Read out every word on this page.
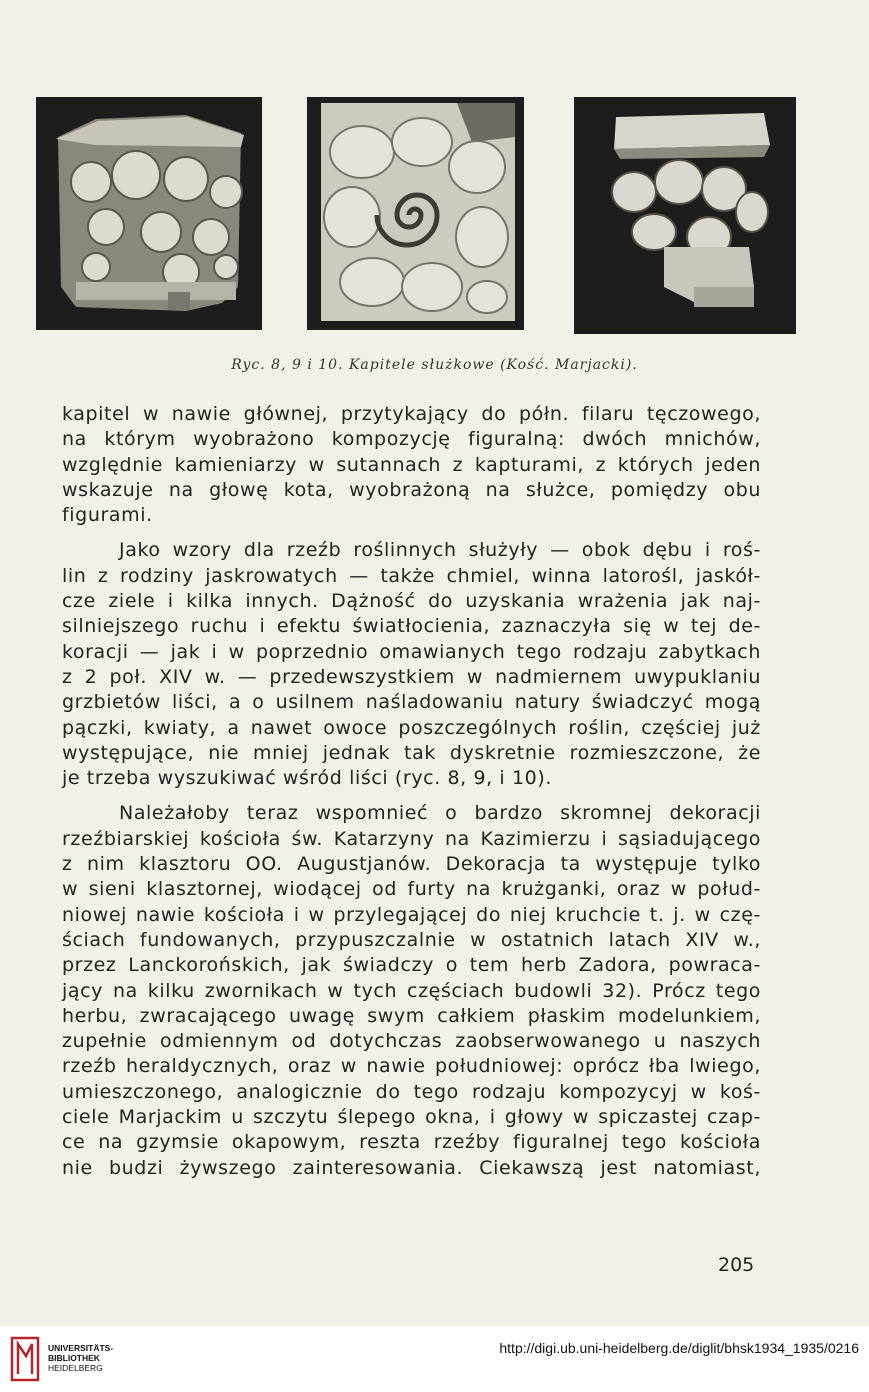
Ryc. 8, 9 i 10. Kapitele służkowe (Kość. Marjacki).
kapitel w nawie głównej, przytykający do półn. filaru tęczowego,
na którym wyobrażono kompozycję figuralną: dwóch mnichów,
względnie kamieniarzy w sutannach z kapturami, z których jeden
wskazuje na głowę kota, wyobrażoną na służce, pomiędzy obu
figurami.
Jako wzory dla rzeźb roślinnych służyły — obok dębu i roś-
lin z rodziny jaskrowatych — także chmiel, winna latorośl, jaskół-
cze ziele i kilka innych. Dążność do uzyskania wrażenia jak naj-
silniejszego ruchu i efektu światłocienia, zaznaczyła się w tej de-
koracji — jak i w poprzednio omawianych tego rodzaju zabytkach
z 2 poł. XIV w. — przedewszystkiem w nadmiernem uwypuklaniu
grzbietów liści, a o usilnem naśladowaniu natury świadczyć mogą
pączki, kwiaty, a nawet owoce poszczególnych roślin, częściej już
występujące, nie mniej jednak tak dyskretnie rozmieszczone, że
je trzeba wyszukiwać wśród liści (ryc. 8, 9, i 10).
Należałoby teraz wspomnieć o bardzo skromnej dekoracji
rzeźbiarskiej kościoła św. Katarzyny na Kazimierzu i sąsiadującego
z nim klasztoru OO. Augustjanów. Dekoracja ta występuje tylko
w sieni klasztornej, wiodącej od furty na krużganki, oraz w połud-
niowej nawie kościoła i w przylegającej do niej kruchcie t. j. w czę-
ściach fundowanych, przypuszczalnie w ostatnich latach XIV w.,
przez Lanckorońskich, jak świadczy o tem herb Zadora, powraca-
jący na kilku zwornikach w tych częściach budowli 32). Prócz tego
herbu, zwracającego uwagę swym całkiem płaskim modelunkiem,
zupełnie odmiennym od dotychczas zaobserwowanego u naszych
rzeźb heraldycznych, oraz w nawie południowej: oprócz łba lwiego,
umieszczonego, analogicznie do tego rodzaju kompozycyj w koś-
ciele Marjackim u szczytu ślepego okna, i głowy w spiczastej czap-
ce na gzymsie okapowym, reszta rzeźby figuralnej tego kościoła
nie budzi żywszego zainteresowania. Ciekawszą jest natomiast,
205
UNIVERSITÄTS-
BIBLIOTHEK
HEIDELBERG
http://digi.ub.uni-heidelberg.de/diglit/bhsk1934_1935/0216
